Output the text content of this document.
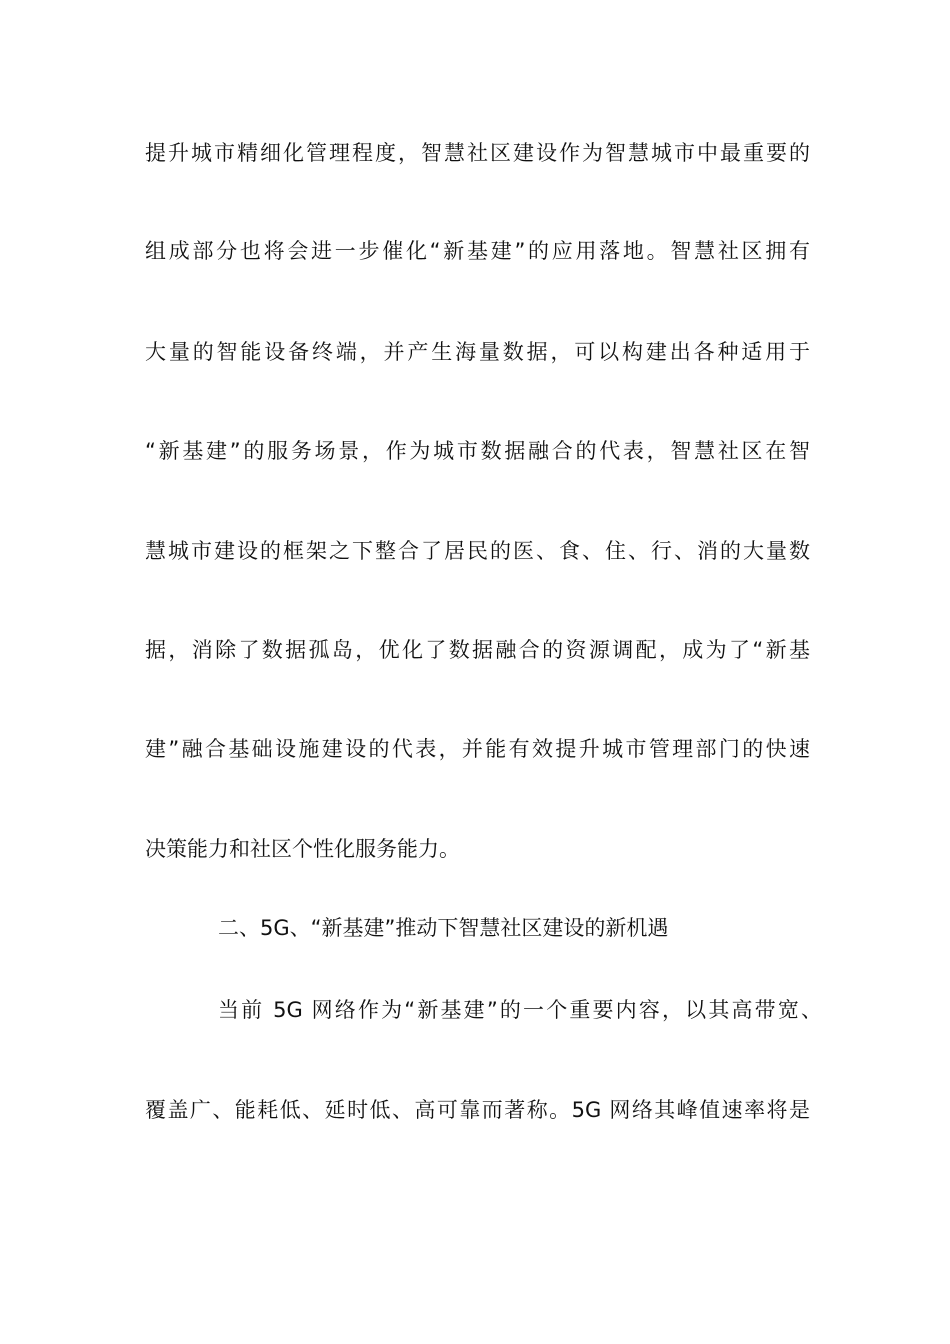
提升城市精细化管理程度，智慧社区建设作为智慧城市中最重要的
组成部分也将会进一步催化“新基建”的应用落地。智慧社区拥有
大量的智能设备终端，并产生海量数据，可以构建出各种适用于
“新基建”的服务场景，作为城市数据融合的代表，智慧社区在智
慧城市建设的框架之下整合了居民的医、食、住、行、消的大量数
据，消除了数据孤岛，优化了数据融合的资源调配，成为了“新基
建”融合基础设施建设的代表，并能有效提升城市管理部门的快速
决策能力和社区个性化服务能力。
二、5G、“新基建”推动下智慧社区建设的新机遇
当前 5G 网络作为“新基建”的一个重要内容，以其高带宽、
覆盖广、能耗低、延时低、高可靠而著称。5G 网络其峰值速率将是
